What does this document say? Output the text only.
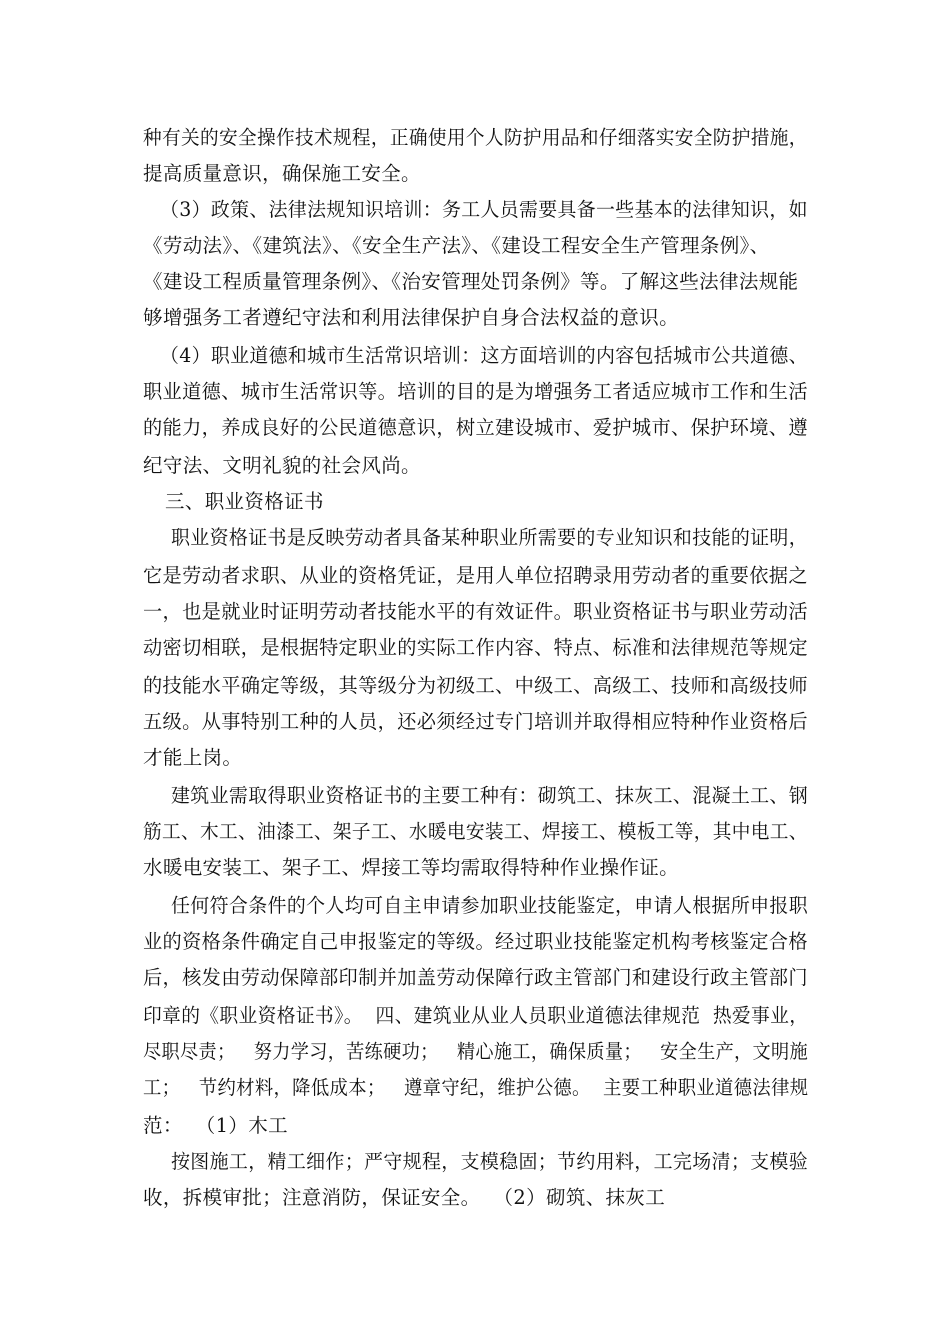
种有关的安全操作技术规程，正确使用个人防护用品和仔细落实安全防护措施，
提高质量意识，确保施工安全。
（3）政策、法律法规知识培训：务工人员需要具备一些基本的法律知识，如
《劳动法》、《建筑法》、《安全生产法》、《建设工程安全生产管理条例》、
《建设工程质量管理条例》、《治安管理处罚条例》等。了解这些法律法规能
够增强务工者遵纪守法和利用法律保护自身合法权益的意识。
（4）职业道德和城市生活常识培训：这方面培训的内容包括城市公共道德、
职业道德、城市生活常识等。培训的目的是为增强务工者适应城市工作和生活
的能力，养成良好的公民道德意识，树立建设城市、爱护城市、保护环境、遵
纪守法、文明礼貌的社会风尚。
三、职业资格证书
职业资格证书是反映劳动者具备某种职业所需要的专业知识和技能的证明，
它是劳动者求职、从业的资格凭证，是用人单位招聘录用劳动者的重要依据之
一，也是就业时证明劳动者技能水平的有效证件。职业资格证书与职业劳动活
动密切相联，是根据特定职业的实际工作内容、特点、标准和法律规范等规定
的技能水平确定等级，其等级分为初级工、中级工、高级工、技师和高级技师
五级。从事特别工种的人员，还必须经过专门培训并取得相应特种作业资格后
才能上岗。
建筑业需取得职业资格证书的主要工种有：砌筑工、抹灰工、混凝土工、钢
筋工、木工、油漆工、架子工、水暖电安装工、焊接工、模板工等，其中电工、
水暖电安装工、架子工、焊接工等均需取得特种作业操作证。
任何符合条件的个人均可自主申请参加职业技能鉴定，申请人根据所申报职
业的资格条件确定自己申报鉴定的等级。经过职业技能鉴定机构考核鉴定合格
后，核发由劳动保障部印制并加盖劳动保障行政主管部门和建设行政主管部门
印章的《职业资格证书》。  四、建筑业从业人员职业道德法律规范  热爱事业，
尽职尽责；   努力学习，苦练硬功；   精心施工，确保质量；   安全生产，文明施
工；   节约材料，降低成本；   遵章守纪，维护公德。  主要工种职业道德法律规
范：  （1）木工
按图施工，精工细作；严守规程，支模稳固；节约用料，工完场清；支模验
收，拆模审批；注意消防，保证安全。  （2）砌筑、抹灰工
